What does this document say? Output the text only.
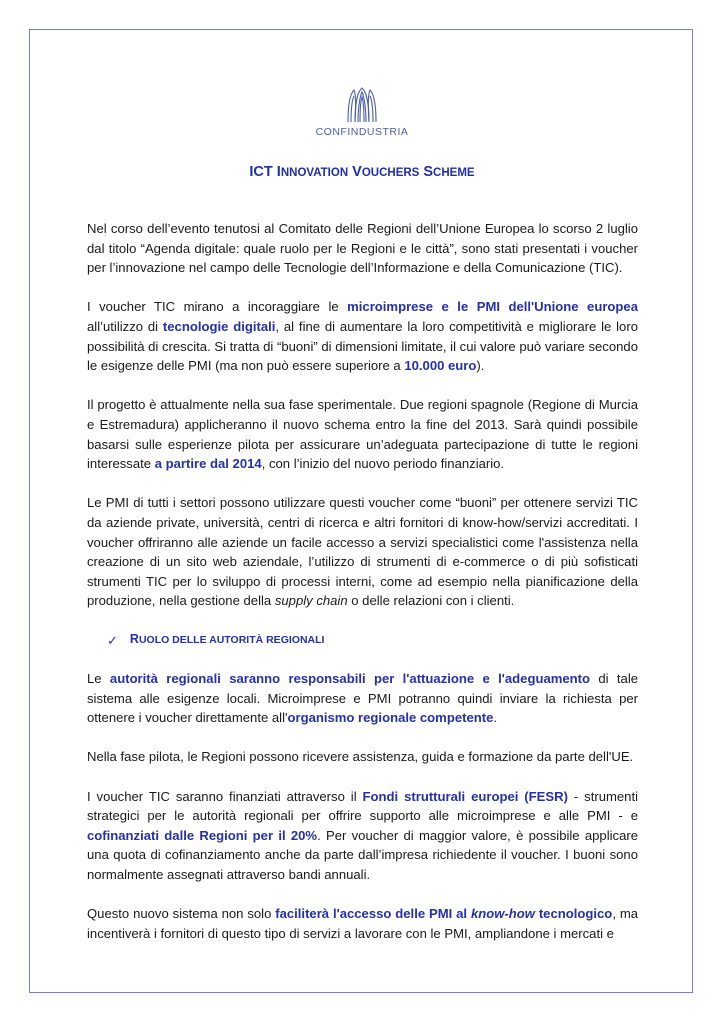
CONFINDUSTRIA
ICT INNOVATION VOUCHERS SCHEME

Nel corso dell’evento tenutosi al Comitato delle Regioni dell’Unione Europea lo scorso 2 luglio dal titolo “Agenda digitale: quale ruolo per le Regioni e le città”, sono stati presentati i voucher per l’innovazione nel campo delle Tecnologie dell’Informazione e della Comunicazione (TIC).

I voucher TIC mirano a incoraggiare le microimprese e le PMI dell'Unione europea all’utilizzo di tecnologie digitali, al fine di aumentare la loro competitività e migliorare le loro possibilità di crescita. Si tratta di “buoni” di dimensioni limitate, il cui valore può variare secondo le esigenze delle PMI (ma non può essere superiore a 10.000 euro).

Il progetto è attualmente nella sua fase sperimentale. Due regioni spagnole (Regione di Murcia e Estremadura) applicheranno il nuovo schema entro la fine del 2013. Sarà quindi possibile basarsi sulle esperienze pilota per assicurare un’adeguata partecipazione di tutte le regioni interessate a partire dal 2014, con l’inizio del nuovo periodo finanziario.

Le PMI di tutti i settori possono utilizzare questi voucher come “buoni” per ottenere servizi TIC da aziende private, università, centri di ricerca e altri fornitori di know-how/servizi accreditati. I voucher offriranno alle aziende un facile accesso a servizi specialistici come l'assistenza nella creazione di un sito web aziendale, l’utilizzo di strumenti di e-commerce o di più sofisticati strumenti TIC per lo sviluppo di processi interni, come ad esempio nella pianificazione della produzione, nella gestione della supply chain o delle relazioni con i clienti.

✓ RUOLO DELLE AUTORITÀ REGIONALI

Le autorità regionali saranno responsabili per l'attuazione e l'adeguamento di tale sistema alle esigenze locali. Microimprese e PMI potranno quindi inviare la richiesta per ottenere i voucher direttamente all'organismo regionale competente.

Nella fase pilota, le Regioni possono ricevere assistenza, guida e formazione da parte dell'UE.

I voucher TIC saranno finanziati attraverso il Fondi strutturali europei (FESR) - strumenti strategici per le autorità regionali per offrire supporto alle microimprese e alle PMI - e cofinanziati dalle Regioni per il 20%. Per voucher di maggior valore, è possibile applicare una quota di cofinanziamento anche da parte dall’impresa richiedente il voucher. I buoni sono normalmente assegnati attraverso bandi annuali.

Questo nuovo sistema non solo faciliterà l'accesso delle PMI al know-how tecnologico, ma incentiverà i fornitori di questo tipo di servizi a lavorare con le PMI, ampliandone i mercati e
